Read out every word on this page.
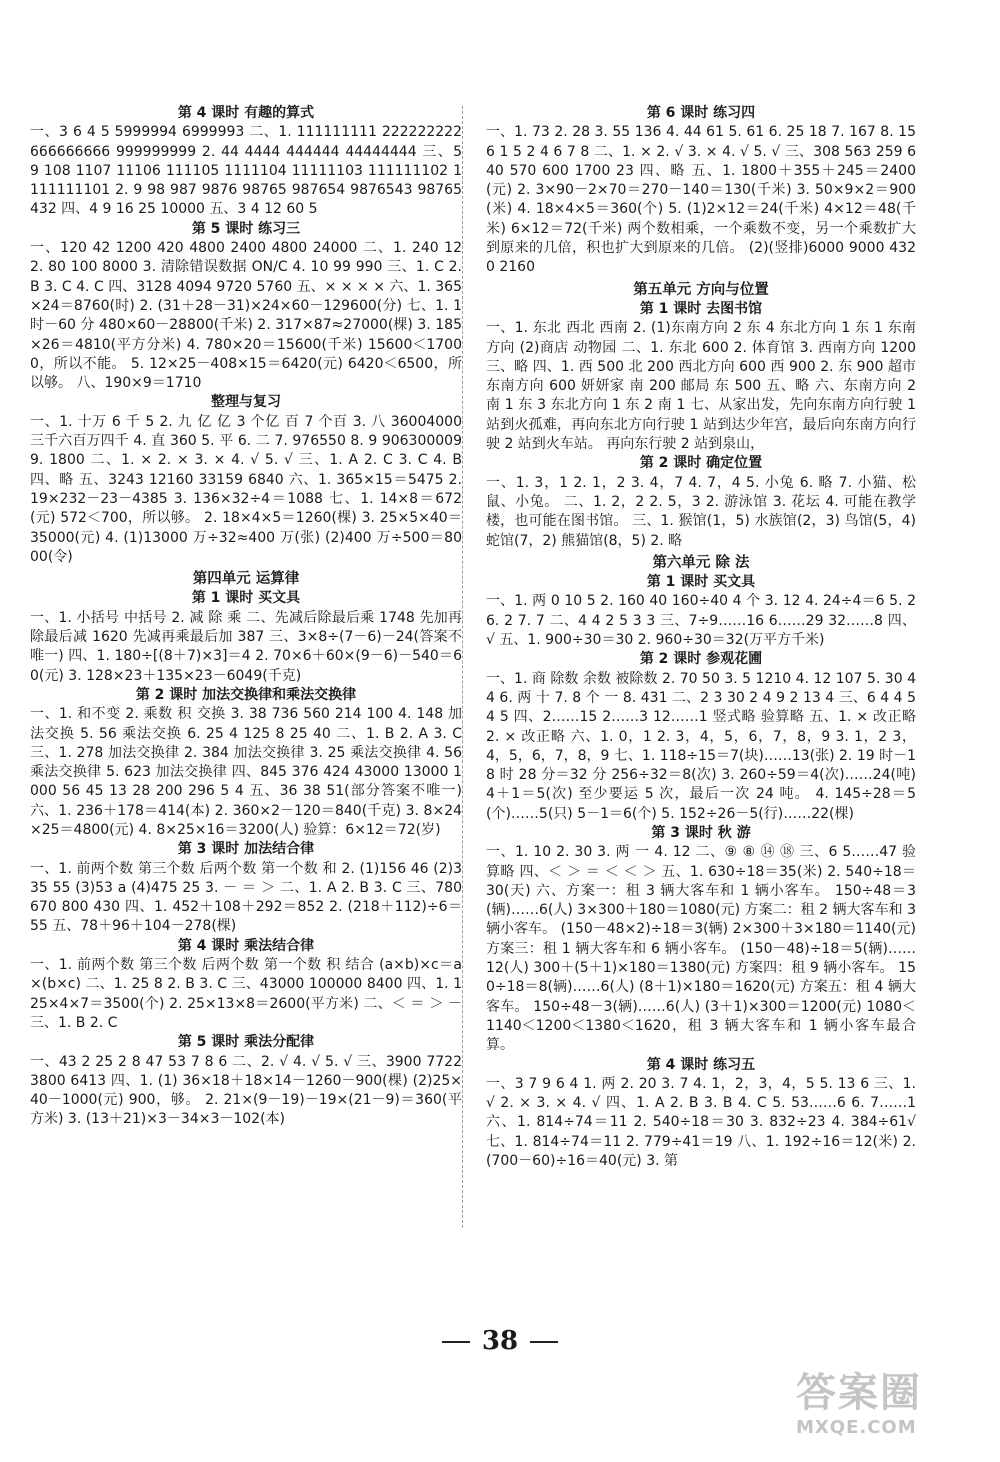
第 4 课时 有趣的算式

一、3 6 4 5 5999994 6999993 二、1. 111111111 222222222 666666666 999999999 2. 44 4444 444444 44444444 三、5 9 108 1107 11106 111105 1111104 11111103 111111102 1111111101 2. 9 98 987 9876 98765 987654 9876543 98765432 四、4 9 16 25 10000 五、3 4 12 60 5

第 5 课时 练习三

一、120 42 1200 420 4800 2400 4800 24000 二、1. 240 12 2. 80 100 8000 3. 清除错误数据 ON/C 4. 10 99 990 三、1. C 2. B 3. C 4. C 四、3128 4094 9720 5760 五、× × × × 六、1. 365×24＝8760(时) 2. (31＋28－31)×24×60－129600(分) 七、1. 1 时－60 分 480×60－28800(千米) 2. 317×87≈27000(棵) 3. 185×26＝4810(平方分米) 4. 780×20＝15600(千米) 15600＜17000，所以不能。 5. 12×25－408×15＝6420(元) 6420＜6500，所以够。 八、190×9＝1710

整理与复习

一、1. 十万 6 千 5 2. 九 亿 亿 3 个亿 百 7 个百 3. 八 36004000 三千六百万四千 4. 直 360 5. 平 6. 二 7. 976550 8. 9 906300009 9. 1800 二、1. × 2. × 3. × 4. √ 5. √ 三、1. A 2. C 3. C 4. B 四、略 五、3243 12160 33159 6840 六、1. 365×15＝5475 2. 19×232－23－4385 3. 136×32÷4＝1088 七、1. 14×8＝672(元) 572＜700，所以够。 2. 18×4×5＝1260(棵) 3. 25×5×40＝35000(元) 4. (1)13000 万÷32≈400 万(张) (2)400 万÷500＝8000(令)

第四单元 运算律
第 1 课时 买文具

一、1. 小括号 中括号 2. 减 除 乘 二、先减后除最后乘 1748 先加再除最后减 1620 先减再乘最后加 387 三、3×8÷(7－6)－24(答案不唯一) 四、1. 180÷[(8＋7)×3]＝4 2. 70×6＋60×(9－6)－540＝60(元) 3. 128×23＋135×23－6049(千克)

第 2 课时 加法交换律和乘法交换律

一、1. 和不变 2. 乘数 积 交换 3. 38 736 560 214 100 4. 148 加法交换 5. 56 乘法交换 6. 25 4 125 8 25 40 二、1. B 2. A 3. C 三、1. 278 加法交换律 2. 384 加法交换律 3. 25 乘法交换律 4. 56 乘法交换律 5. 623 加法交换律 四、845 376 424 43000 13000 1000 56 45 13 28 200 296 5 4 五、36 38 51(部分答案不唯一) 六、1. 236＋178＝414(本) 2. 360×2－120＝840(千克) 3. 8×24×25＝4800(元) 4. 8×25×16＝3200(人) 验算：6×12＝72(岁)

第 3 课时 加法结合律

一、1. 前两个数 第三个数 后两个数 第一个数 和 2. (1)156 46 (2)335 55 (3)53 a (4)475 25 3. － ＝ ＞ 二、1. A 2. B 3. C 三、780 670 800 430 四、1. 452＋108＋292＝852 2. (218＋112)÷6＝55 五、78＋96＋104－278(棵)

第 4 课时 乘法结合律

一、1. 前两个数 第三个数 后两个数 第一个数 积 结合 (a×b)×c＝a×(b×c) 二、1. 25 8 2. B 3. C 三、43000 100000 8400 四、1. 125×4×7＝3500(个) 2. 25×13×8＝2600(平方米) 二、＜ ＝ ＞ － 三、1. B 2. C

第 5 课时 乘法分配律

一、43 2 25 2 8 47 53 7 8 6 二、2. √ 4. √ 5. √ 三、3900 7722 3800 6413 四、1. (1) 36×18＋18×14－1260－900(棵) (2)25×40－1000(元) 900，够。 2. 21×(9－19)－19×(21－9)＝360(平方米) 3. (13＋21)×3－34×3－102(本)

第 6 课时 练习四

一、1. 73 2. 28 3. 55 136 4. 44 61 5. 61 6. 25 18 7. 167 8. 15 6 1 5 2 4 6 7 8 二、1. × 2. √ 3. × 4. √ 5. √ 三、308 563 259 640 570 600 1700 23 四、略 五、1. 1800＋355＋245＝2400(元) 2. 3×90－2×70＝270－140＝130(千米) 3. 50×9×2＝900(米) 4. 18×4×5＝360(个) 5. (1)2×12＝24(千米) 4×12＝48(千米) 6×12＝72(千米) 两个数相乘，一个乘数不变，另一个乘数扩大到原来的几倍，积也扩大到原来的几倍。 (2)(竖排)6000 9000 4320 2160

第五单元 方向与位置
第 1 课时 去图书馆

一、1. 东北 西北 西南 2. (1)东南方向 2 东 4 东北方向 1 东 1 东南方向 (2)商店 动物园 二、1. 东北 600 2. 体育馆 3. 西南方向 1200 三、略 四、1. 西 500 北 200 西北方向 600 西 900 2. 东 900 超市 东南方向 600 妍妍家 南 200 邮局 东 500 五、略 六、东南方向 2 南 1 东 3 东北方向 1 东 2 南 1 七、从家出发，先向东南方向行驶 1 站到火孤难，再向东北方向行驶 1 站到达少年宫，最后向东南方向行驶 2 站到火车站。 再向东行驶 2 站到泉山，

第 2 课时 确定位置

一、1. 3，1 2. 1，2 3. 4，7 4. 7，4 5. 小兔 6. 略 7. 小猫、松鼠、小兔。 二、1. 2，2 2. 5，3 2. 游泳馆 3. 花坛 4. 可能在教学楼，也可能在图书馆。 三、1. 猴馆(1，5) 水族馆(2，3) 鸟馆(5，4) 蛇馆(7，2) 熊猫馆(8，5) 2. 略

第六单元 除 法
第 1 课时 买文具

一、1. 两 0 10 5 2. 160 40 160÷40 4 个 3. 12 4. 24÷4＝6 5. 2 6. 2 7. 7 二、4 4 2 5 3 3 三、7÷9……16 6……29 32……8 四、√ 五、1. 900÷30＝30 2. 960÷30＝32(万平方千米)

第 2 课时 参观花圃

一、1. 商 除数 余数 被除数 2. 70 50 3. 5 1210 4. 12 107 5. 30 4 4 6. 两 十 7. 8 个 一 8. 431 二、2 3 30 2 4 9 2 13 4 三、6 4 4 5 4 5 四、2……15 2……3 12……1 竖式略 验算略 五、1. × 改正略 2. × 改正略 六、1. 0，1 2. 3，4，5，6，7，8，9 3. 1，2 3，4，5，6，7，8，9 七、1. 118÷15＝7(块)……13(张) 2. 19 时－18 时 28 分＝32 分 256÷32＝8(次) 3. 260÷59＝4(次)……24(吨) 4＋1＝5(次) 至少要运 5 次，最后一次 24 吨。 4. 145÷28＝5(个)……5(只) 5－1＝6(个) 5. 152÷26－5(行)……22(棵)

第 3 课时 秋 游

一、1. 10 2. 30 3. 两 一 4. 12 二、⑨ ⑧ ⑭ ⑱ 三、6 5……47 验算略 四、＜ ＞ ＝ ＜ ＜ ＞ 五、1. 630÷18＝35(米) 2. 540÷18＝30(天) 六、方案一：租 3 辆大客车和 1 辆小客车。 150÷48＝3(辆)……6(人) 3×300＋180＝1080(元) 方案二：租 2 辆大客车和 3 辆小客车。 (150－48×2)÷18＝3(辆) 2×300＋3×180＝1140(元) 方案三：租 1 辆大客车和 6 辆小客车。 (150－48)÷18＝5(辆)……12(人) 300＋(5＋1)×180＝1380(元) 方案四：租 9 辆小客车。 150÷18＝8(辆)……6(人) (8＋1)×180＝1620(元) 方案五：租 4 辆大客车。 150÷48－3(辆)……6(人) (3＋1)×300＝1200(元) 1080＜1140＜1200＜1380＜1620，租 3 辆大客车和 1 辆小客车最合算。

第 4 课时 练习五

一、3 7 9 6 4 1. 两 2. 20 3. 7 4. 1，2，3，4，5 5. 13 6 三、1. √ 2. × 3. × 4. √ 四、1. A 2. B 3. B 4. C 5. 53……6 6. 7……1 六、1. 814÷74＝11 2. 540÷18＝30 3. 832÷23 4. 384÷61√ 七、1. 814÷74＝11 2. 779÷41＝19 八、1. 192÷16＝12(米) 2. (700－60)÷16＝40(元) 3. 第

38
答案圈
MXQE.COM
